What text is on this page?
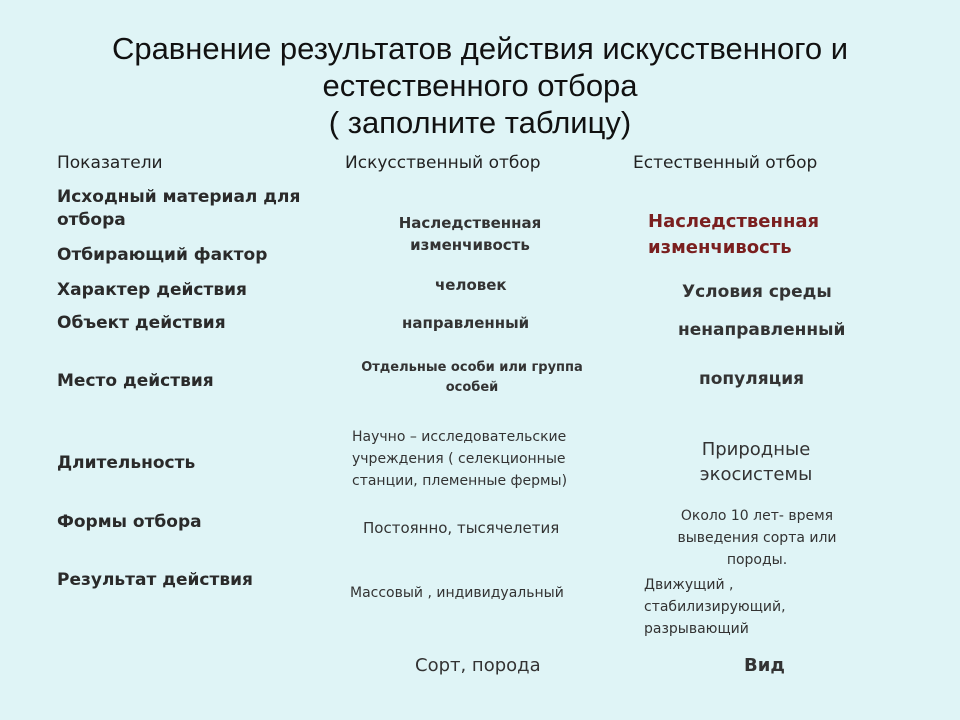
Сравнение результатов действия искусственного и
естественного отбора
( заполните таблицу)
Показатели	Искусственный отбор	Естественный отбор
Исходный материал для
отбора
Отбирающий фактор
Характер действия
Объект действия
Место действия
Длительность
Формы отбора
Результат действия
Наследственная
изменчивость
человек
направленный
Отдельные особи или группа
особей
Научно – исследовательские
учреждения ( селекционные
станции, племенные фермы)
Постоянно, тысячелетия
Массовый , индивидуальный
Сорт, порода
Наследственная
изменчивость
Условия среды
ненаправленный
популяция
Природные
экосистемы
Около 10 лет- время
выведения сорта или
породы.
Движущий ,
стабилизирующий,
разрывающий
Вид
